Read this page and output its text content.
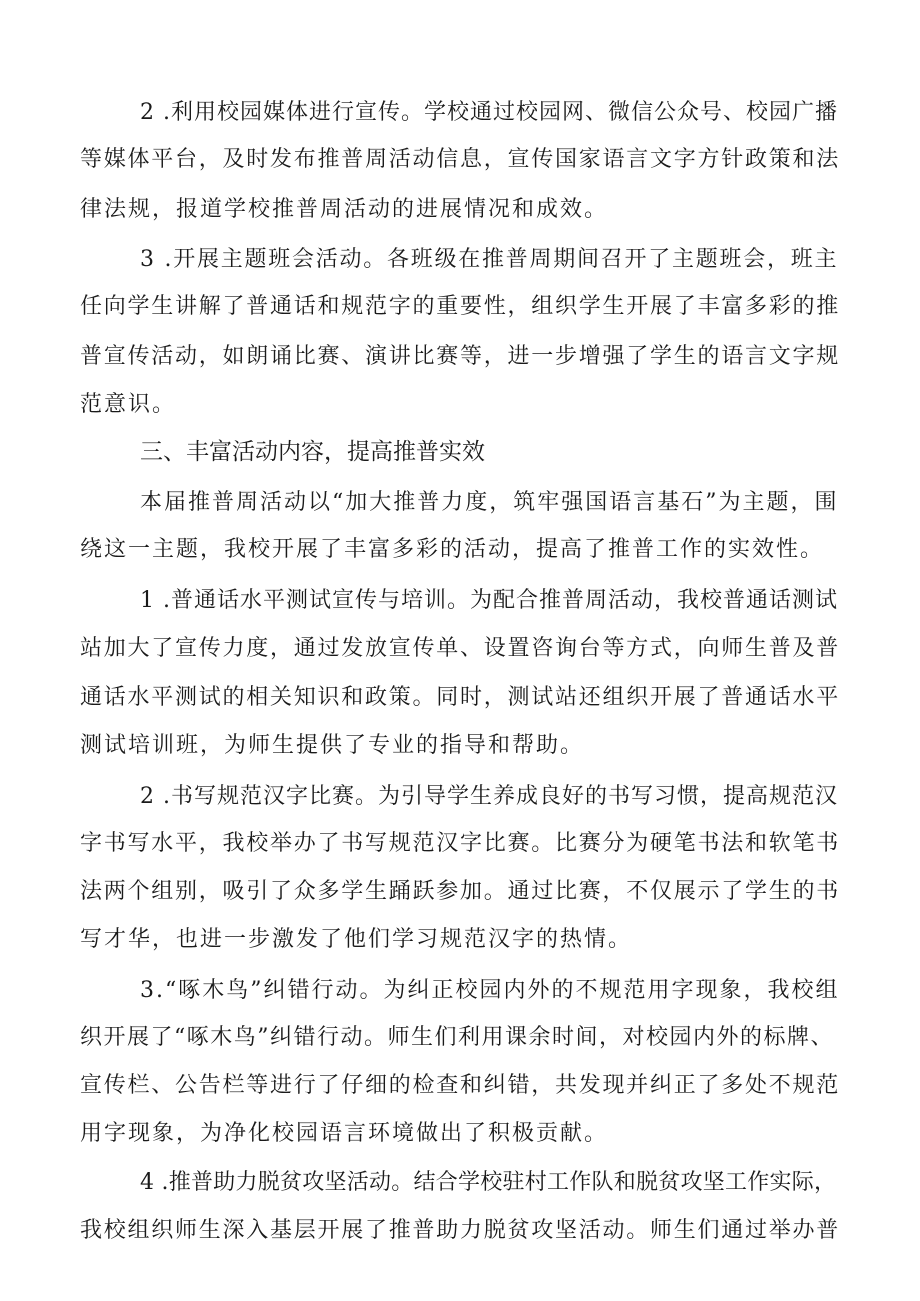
2 .利用校园媒体进行宣传。学校通过校园网、微信公众号、校园广播
等媒体平台，及时发布推普周活动信息，宣传国家语言文字方针政策和法
律法规，报道学校推普周活动的进展情况和成效。
3 .开展主题班会活动。各班级在推普周期间召开了主题班会，班主
任向学生讲解了普通话和规范字的重要性，组织学生开展了丰富多彩的推
普宣传活动，如朗诵比赛、演讲比赛等，进一步增强了学生的语言文字规
范意识。
三、丰富活动内容，提高推普实效
本届推普周活动以“加大推普力度，筑牢强国语言基石”为主题，围
绕这一主题，我校开展了丰富多彩的活动，提高了推普工作的实效性。
1 .普通话水平测试宣传与培训。为配合推普周活动，我校普通话测试
站加大了宣传力度，通过发放宣传单、设置咨询台等方式，向师生普及普
通话水平测试的相关知识和政策。同时，测试站还组织开展了普通话水平
测试培训班，为师生提供了专业的指导和帮助。
2 .书写规范汉字比赛。为引导学生养成良好的书写习惯，提高规范汉
字书写水平，我校举办了书写规范汉字比赛。比赛分为硬笔书法和软笔书
法两个组别，吸引了众多学生踊跃参加。通过比赛，不仅展示了学生的书
写才华，也进一步激发了他们学习规范汉字的热情。
3.“啄木鸟”纠错行动。为纠正校园内外的不规范用字现象，我校组
织开展了“啄木鸟”纠错行动。师生们利用课余时间，对校园内外的标牌、
宣传栏、公告栏等进行了仔细的检查和纠错，共发现并纠正了多处不规范
用字现象，为净化校园语言环境做出了积极贡献。
4 .推普助力脱贫攻坚活动。结合学校驻村工作队和脱贫攻坚工作实际，
我校组织师生深入基层开展了推普助力脱贫攻坚活动。师生们通过举办普
